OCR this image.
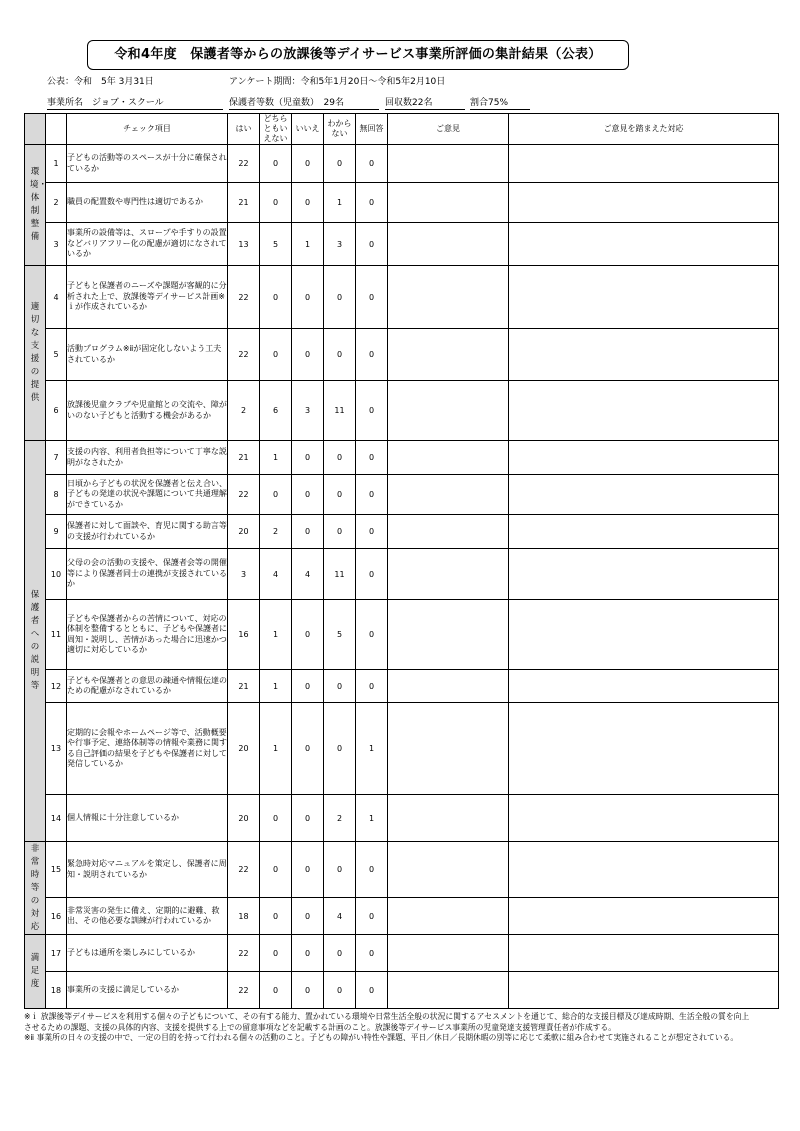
令和4年度　保護者等からの放課後等デイサービス事業所評価の集計結果（公表）
公表：令和　5年 3月31日	アンケート期間：令和5年1月20日～令和5年2月10日
事業所名　ジョブ・スクール	保護者等数（児童数）　29名	回収数22名	割合75%
		チェック項目	はい	どちらともいえない	いいえ	わからない	無回答	ご意見	ご意見を踏まえた対応
環境・体制整備	1	子どもの活動等のスペースが十分に確保されているか	22	0	0	0	0		
	2	職員の配置数や専門性は適切であるか	21	0	0	1	0		
	3	事業所の設備等は、スロープや手すりの設置などバリアフリー化の配慮が適切になされているか	13	5	1	3	0		
適切な支援の提供	4	子どもと保護者のニーズや課題が客観的に分析された上で、放課後等デイサービス計画※ｉが作成されているか	22	0	0	0	0		
	5	活動プログラム※ⅱが固定化しないよう工夫されているか	22	0	0	0	0		
	6	放課後児童クラブや児童館との交流や、障がいのない子どもと活動する機会があるか	2	6	3	11	0		
保護者への説明等	7	支援の内容、利用者負担等について丁寧な説明がなされたか	21	1	0	0	0		
	8	日頃から子どもの状況を保護者と伝え合い、子どもの発達の状況や課題について共通理解ができているか	22	0	0	0	0		
	9	保護者に対して面談や、育児に関する助言等の支援が行われているか	20	2	0	0	0		
	10	父母の会の活動の支援や、保護者会等の開催等により保護者同士の連携が支援されているか	3	4	4	11	0		
	11	子どもや保護者からの苦情について、対応の体制を整備するとともに、子どもや保護者に周知・説明し、苦情があった場合に迅速かつ適切に対応しているか	16	1	0	5	0		
	12	子どもや保護者との意思の疎通や情報伝達のための配慮がなされているか	21	1	0	0	0		
	13	定期的に会報やホームページ等で、活動概要や行事予定、連絡体制等の情報や業務に関する自己評価の結果を子どもや保護者に対して発信しているか	20	1	0	0	1		
	14	個人情報に十分注意しているか	20	0	0	2	1		
非常時等の対応	15	緊急時対応マニュアルを策定し、保護者に周知・説明されているか	22	0	0	0	0		
	16	非常災害の発生に備え、定期的に避難、救出、その他必要な訓練が行われているか	18	0	0	4	0		
満足度	17	子どもは通所を楽しみにしているか	22	0	0	0	0		
	18	事業所の支援に満足しているか	22	0	0	0	0		
※ｉ 放課後等デイサービスを利用する個々の子どもについて、その有する能力、置かれている環境や日常生活全般の状況に関するアセスメントを通じて、総合的な支援目標及び達成時期、生活全般の質を向上させるための課題、支援の具体的内容、支援を提供する上での留意事項などを記載する計画のこと。放課後等デイサービス事業所の児童発達支援管理責任者が作成する。
※ⅱ 事業所の日々の支援の中で、一定の目的を持って行われる個々の活動のこと。子どもの障がい特性や課題、平日／休日／長期休暇の別等に応じて柔軟に組み合わせて実施されることが想定されている。
